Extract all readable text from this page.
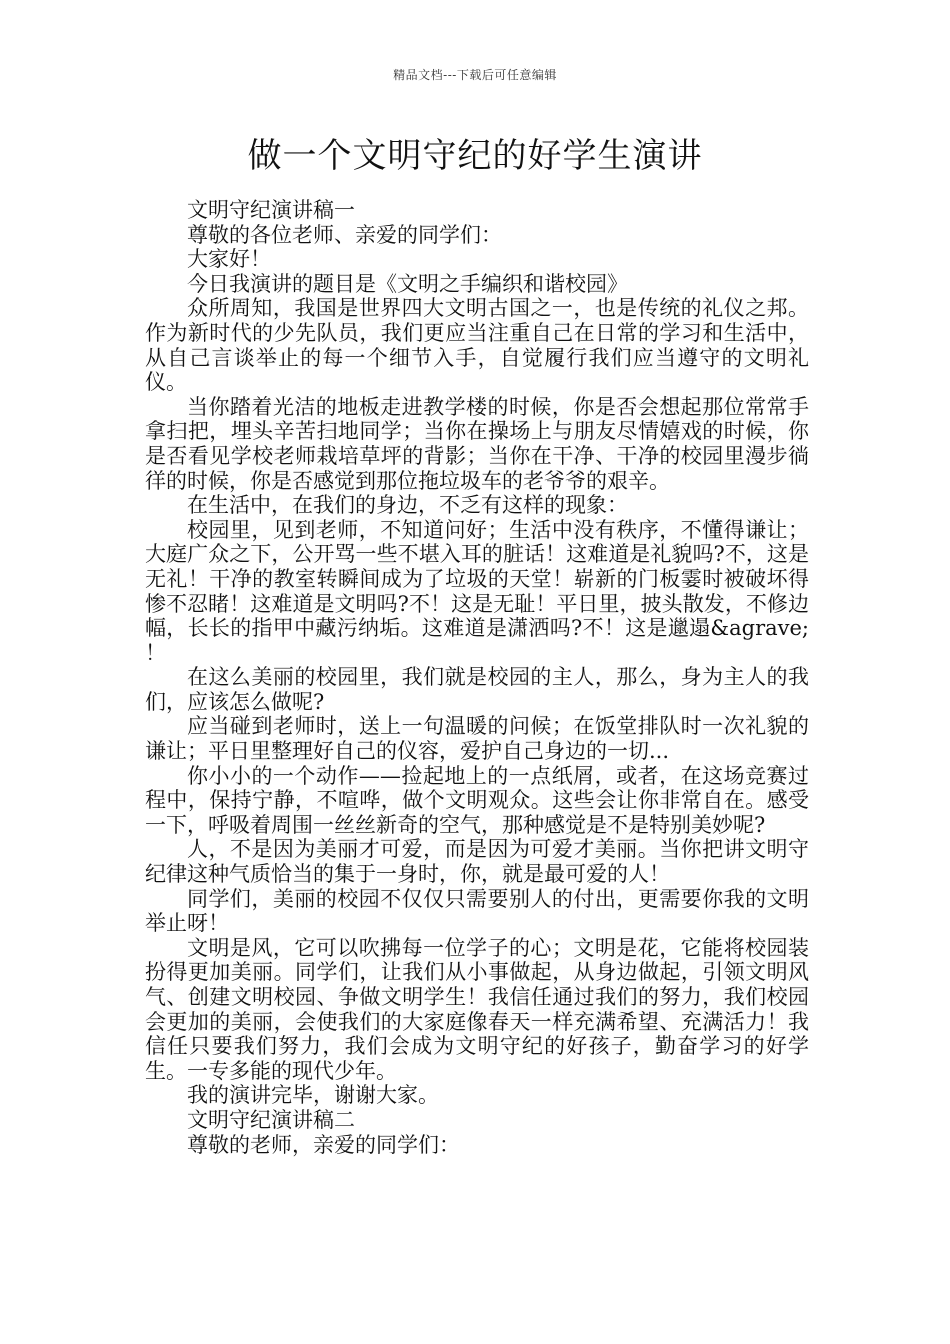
精品文档---下载后可任意编辑
做一个文明守纪的好学生演讲

文明守纪演讲稿一

尊敬的各位老师、亲爱的同学们：

大家好！

今日我演讲的题目是《文明之手编织和谐校园》

众所周知，我国是世界四大文明古国之一，也是传统的礼仪之邦。 作为新时代的少先队员，我们更应当注重自己在日常的学习和生活中，从自己言谈举止的每一个细节入手，自觉履行我们应当遵守的文明礼仪。

当你踏着光洁的地板走进教学楼的时候，你是否会想起那位常常手拿扫把，埋头辛苦扫地同学；当你在操场上与朋友尽情嬉戏的时候，你是否看见学校老师栽培草坪的背影；当你在干净、干净的校园里漫步徜徉的时候，你是否感觉到那位拖垃圾车的老爷爷的艰辛。

在生活中，在我们的身边，不乏有这样的现象：

校园里，见到老师，不知道问好；生活中没有秩序，不懂得谦让；大庭广众之下，公开骂一些不堪入耳的脏话！这难道是礼貌吗?不，这是无礼！干净的教室转瞬间成为了垃圾的天堂！崭新的门板霎时被破坏得惨不忍睹！这难道是文明吗?不！这是无耻！平日里，披头散发，不修边幅，长长的指甲中藏污纳垢。这难道是潇洒吗?不！这是邋遢&agrave; ！

在这么美丽的校园里，我们就是校园的主人，那么，身为主人的我们，应该怎么做呢?

应当碰到老师时，送上一句温暖的问候；在饭堂排队时一次礼貌的谦让；平日里整理好自己的仪容，爱护自己身边的一切...

你小小的一个动作——捡起地上的一点纸屑，或者，在这场竞赛过程中，保持宁静，不喧哗，做个文明观众。这些会让你非常自在。感受一下，呼吸着周围一丝丝新奇的空气，那种感觉是不是特别美妙呢?

人，不是因为美丽才可爱，而是因为可爱才美丽。当你把讲文明守纪律这种气质恰当的集于一身时，你，就是最可爱的人！

同学们，美丽的校园不仅仅只需要别人的付出，更需要你我的文明举止呀！

文明是风，它可以吹拂每一位学子的心；文明是花，它能将校园装扮得更加美丽。同学们，让我们从小事做起，从身边做起，引领文明风气、创建文明校园、争做文明学生！我信任通过我们的努力，我们校园会更加的美丽，会使我们的大家庭像春天一样充满希望、充满活力！我信任只要我们努力，我们会成为文明守纪的好孩子，勤奋学习的好学生。一专多能的现代少年。

我的演讲完毕，谢谢大家。

文明守纪演讲稿二

尊敬的老师，亲爱的同学们：
